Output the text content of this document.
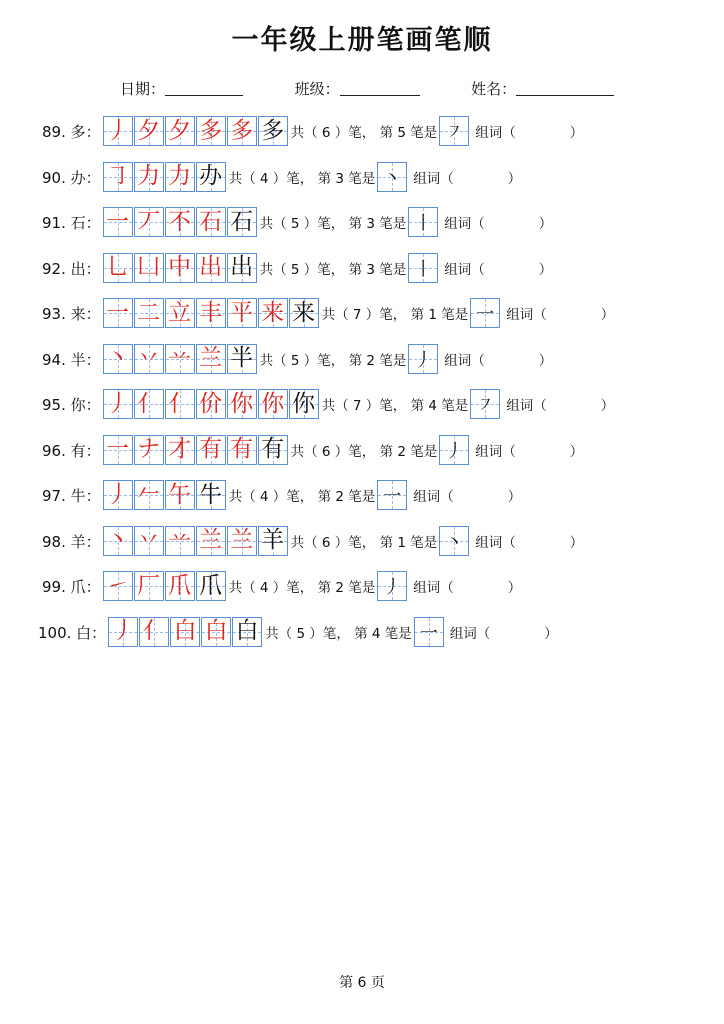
一年级上册笔画笔顺
日期：	班级：	姓名：
89. 多： 丿 夕 夕 多 多 多 共（ 6 ）笔， 第 5 笔是 ㇇ 组词（　　　　）
90. 办： ㇆ 力 力 办 共（ 4 ）笔， 第 3 笔是 丶 组词（　　　　）
91. 石： 一 丆 不 石 石 共（ 5 ）笔， 第 3 笔是 丨 组词（　　　　）
92. 出： 乚 凵 中 出 出 共（ 5 ）笔， 第 3 笔是 丨 组词（　　　　）
93. 来： 一 二 立 丰 平 来 来 共（ 7 ）笔， 第 1 笔是 一 组词（　　　　）
94. 半： 丶 丷 䒑 兰 半 共（ 5 ）笔， 第 2 笔是 丿 组词（　　　　）
95. 你： 丿 亻 亻 价 你 你 你 共（ 7 ）笔， 第 4 笔是 ㇇ 组词（　　　　）
96. 有： 一 ナ 才 有 有 有 共（ 6 ）笔， 第 2 笔是 丿 组词（　　　　）
97. 牛： 丿 𠂉 午 牛 共（ 4 ）笔， 第 2 笔是 一 组词（　　　　）
98. 羊： 丶 丷 䒑 兰 兰 羊 共（ 6 ）笔， 第 1 笔是 丶 组词（　　　　）
99. 爪： ㇀ 厂 爪 爪 共（ 4 ）笔， 第 2 笔是 丿 组词（　　　　）
100. 白： 丿 亻 白 白 白 共（ 5 ）笔， 第 4 笔是 一 组词（　　　　）
第 6 页
